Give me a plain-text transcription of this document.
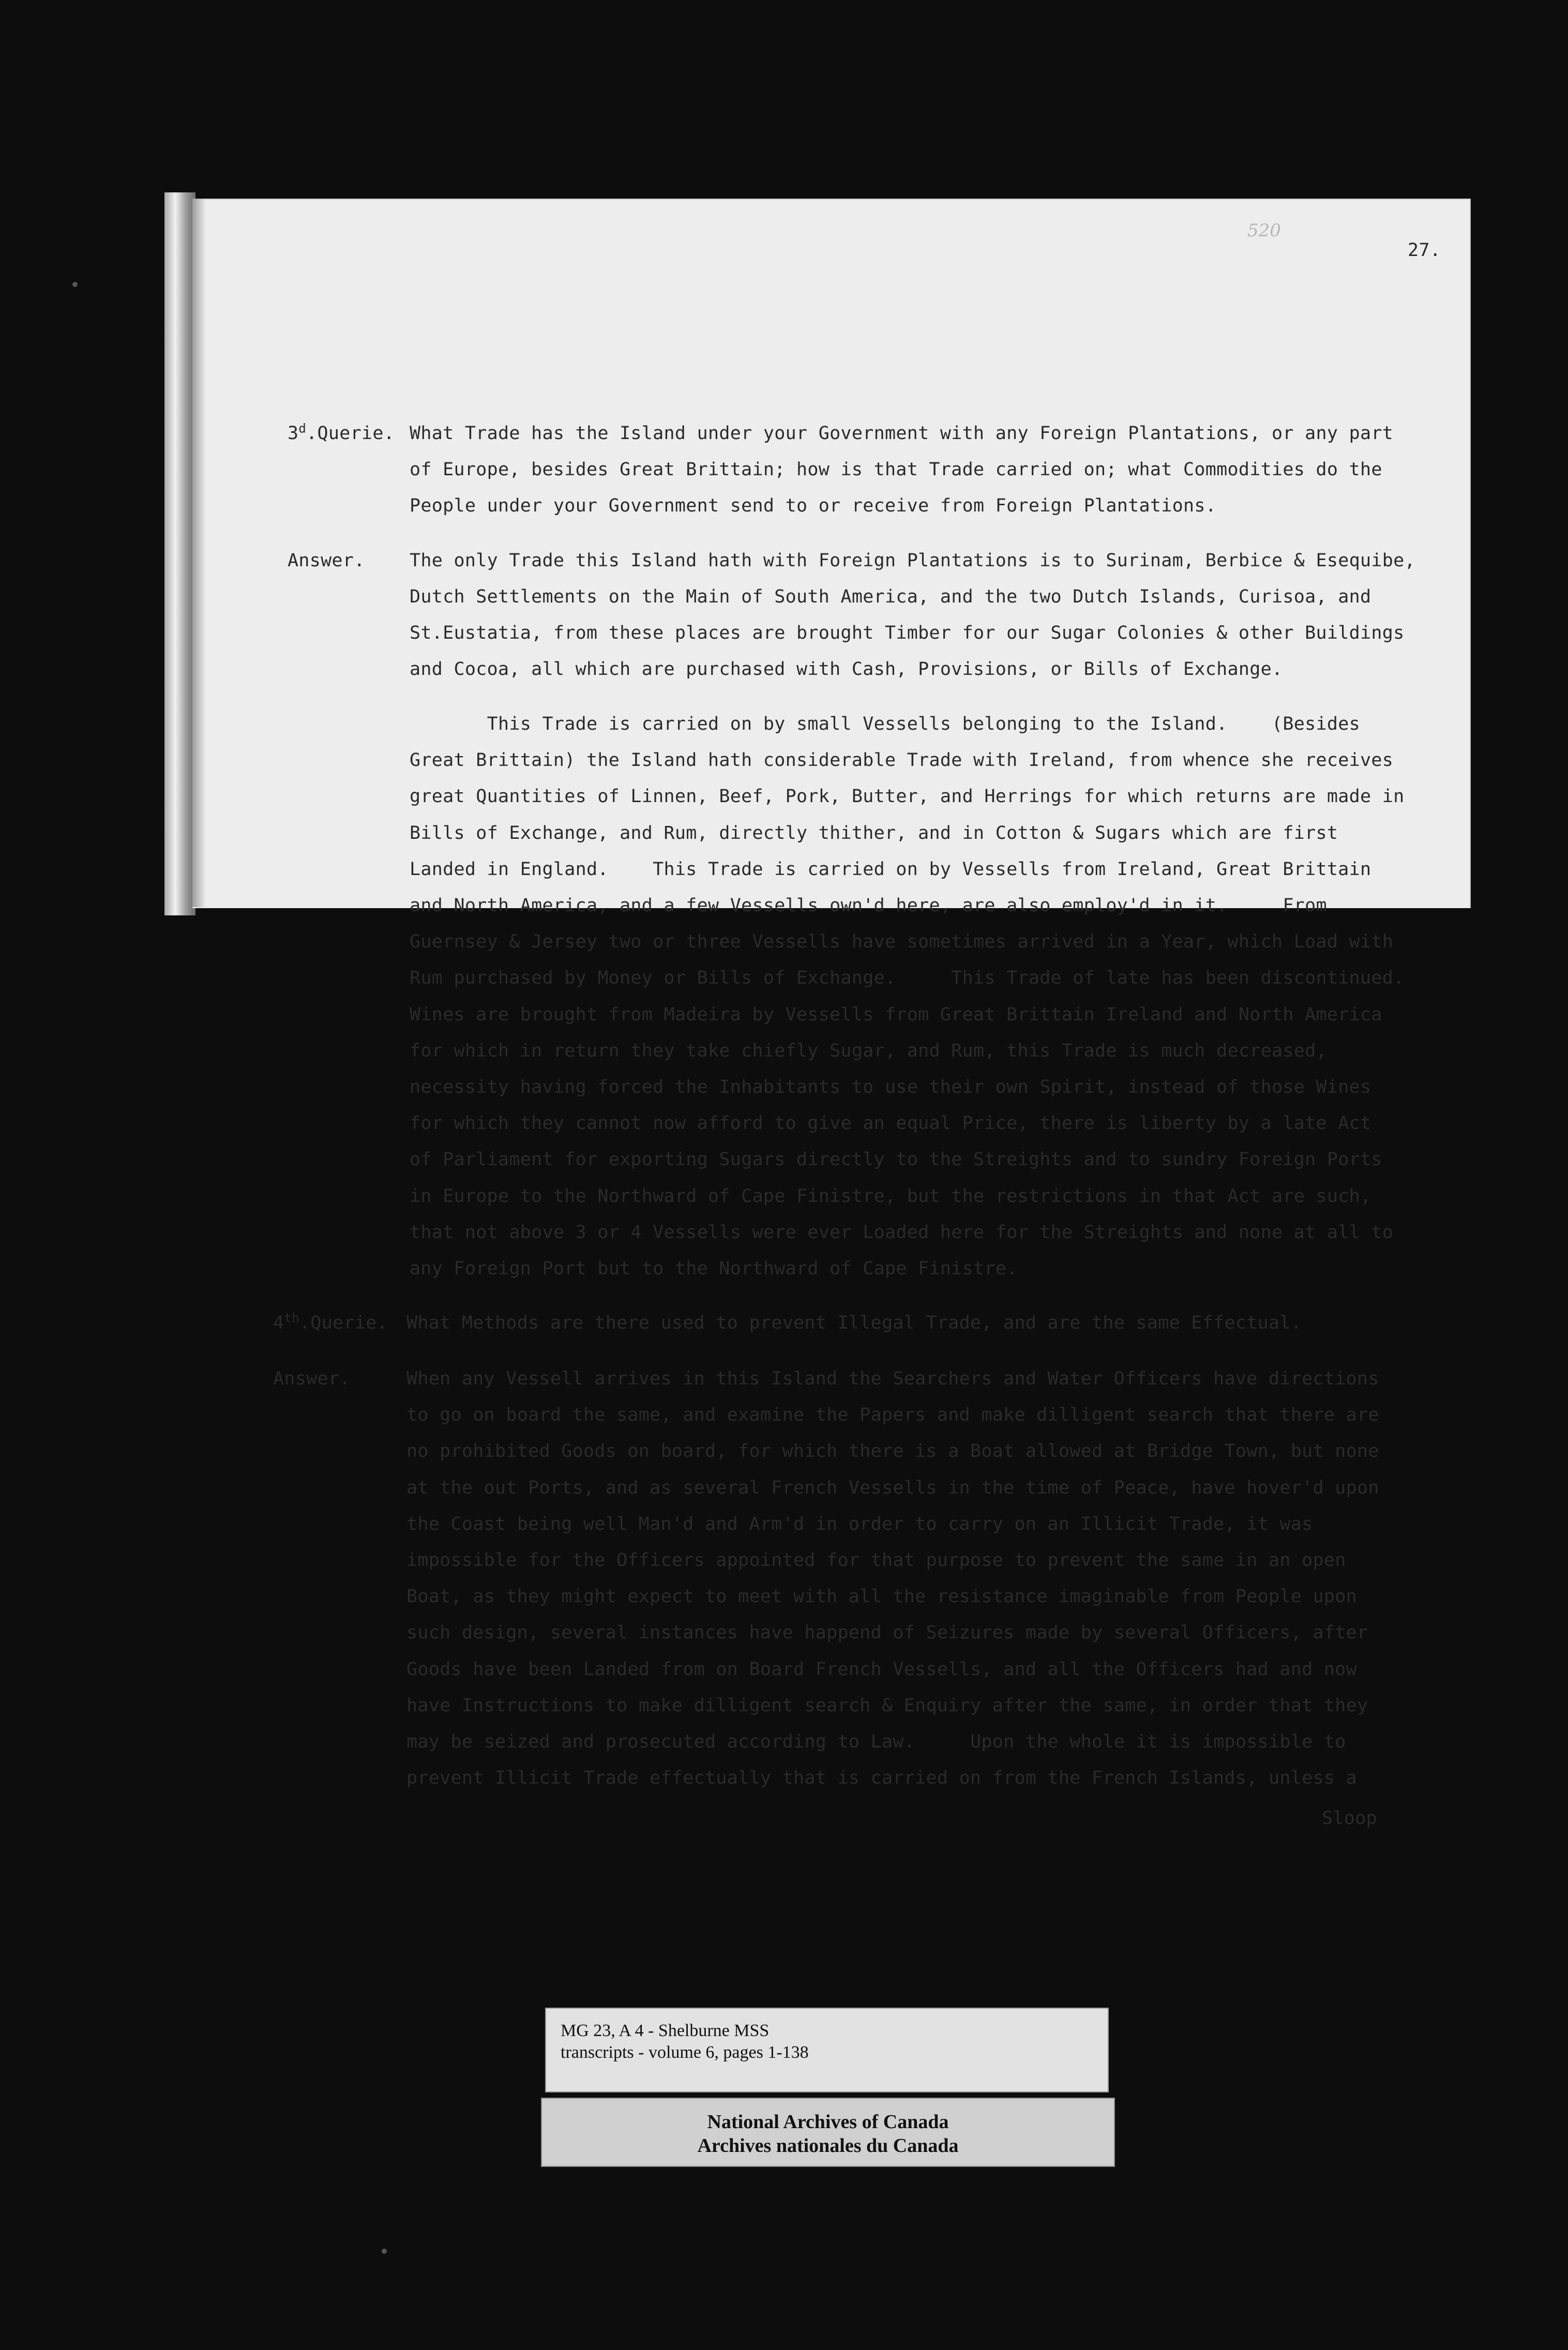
520
27.
3$^d$.Querie. What Trade has the Island under your Government with any Foreign Plantations, or any part
of Europe, besides Great Brittain; how is that Trade carried on; what Commodities do the
People under your Government send to or receive from Foreign Plantations.
Answer. The only Trade this Island hath with Foreign Plantations is to Surinam, Berbice & Esequibe,
Dutch Settlements on the Main of South America, and the two Dutch Islands, Curisoa, and
St.Eustatia, from these places are brought Timber for our Sugar Colonies & other Buildings
and Cocoa, all which are purchased with Cash, Provisions, or Bills of Exchange.
This Trade is carried on by small Vessells belonging to the Island.    (Besides
Great Brittain) the Island hath considerable Trade with Ireland, from whence she receives
great Quantities of Linnen, Beef, Pork, Butter, and Herrings for which returns are made in
Bills of Exchange, and Rum, directly thither, and in Cotton & Sugars which are first
Landed in England.    This Trade is carried on by Vessells from Ireland, Great Brittain
and North America, and a few Vessells own'd here, are also employ'd in it.     From
Guernsey & Jersey two or three Vessells have sometimes arrived in a Year, which Load with
Rum purchased by Money or Bills of Exchange.     This Trade of late has been discontinued.
Wines are brought from Madeira by Vessells from Great Brittain Ireland and North America
for which in return they take chiefly Sugar, and Rum, this Trade is much decreased,
necessity having forced the Inhabitants to use their own Spirit, instead of those Wines
for which they cannot now afford to give an equal Price, there is liberty by a late Act
of Parliament for exporting Sugars directly to the Streights and to sundry Foreign Ports
in Europe to the Northward of Cape Finistre, but the restrictions in that Act are such,
that not above 3 or 4 Vessells were ever Loaded here for the Streights and none at all to
any Foreign Port but to the Northward of Cape Finistre.
4th.Querie. What Methods are there used to prevent Illegal Trade, and are the same Effectual.
Answer.	When any Vessell arrives in this Island the Searchers and Water Officers have directions
to go on board the same, and examine the Papers and make dilligent search that there are
no prohibited Goods on board, for which there is a Boat allowed at Bridge Town, but none
at the out Ports, and as several French Vessells in the time of Peace, have hover'd upon
the Coast being well Man'd and Arm'd in order to carry on an Illicit Trade, it was
impossible for the Officers appointed for that purpose to prevent the same in an open
Boat, as they might expect to meet with all the resistance imaginable from People upon
such design, several instances have happend of Seizures made by several Officers, after
Goods have been Landed from on Board French Vessells, and all the Officers had and now
have Instructions to make dilligent search & Enquiry after the same, in order that they
may be seized and prosecuted according to Law.     Upon the whole it is impossible to
prevent Illicit Trade effectually that is carried on from the French Islands, unless a
Sloop
MG 23, A 4 - Shelburne MSS
transcripts - volume 6, pages 1-138
National Archives of Canada
Archives nationales du Canada
